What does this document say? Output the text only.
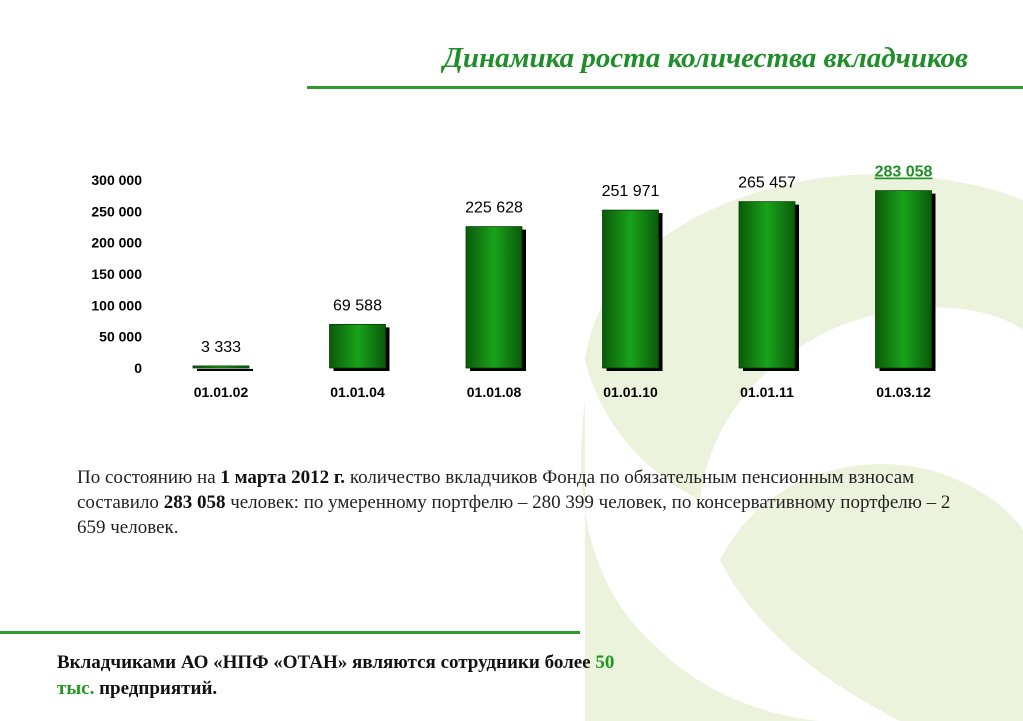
Динамика роста количества вкладчиков
0
50 000
100 000
150 000
200 000
250 000
300 000
3 333
69 588
225 628
251 971	265 457
283 058
01.01.02	01.01.04	01.01.08	01.01.10	01.01.11	01.03.12
По состоянию на 1 марта 2012 г. количество вкладчиков Фонда по обязательным пенсионным взносам составило 283 058 человек: по умеренному портфелю – 280 399 человек, по консервативному портфелю – 2 659 человек.
Вкладчиками АО «НПФ «ОТАН» являются сотрудники более 50 тыс. предприятий.
